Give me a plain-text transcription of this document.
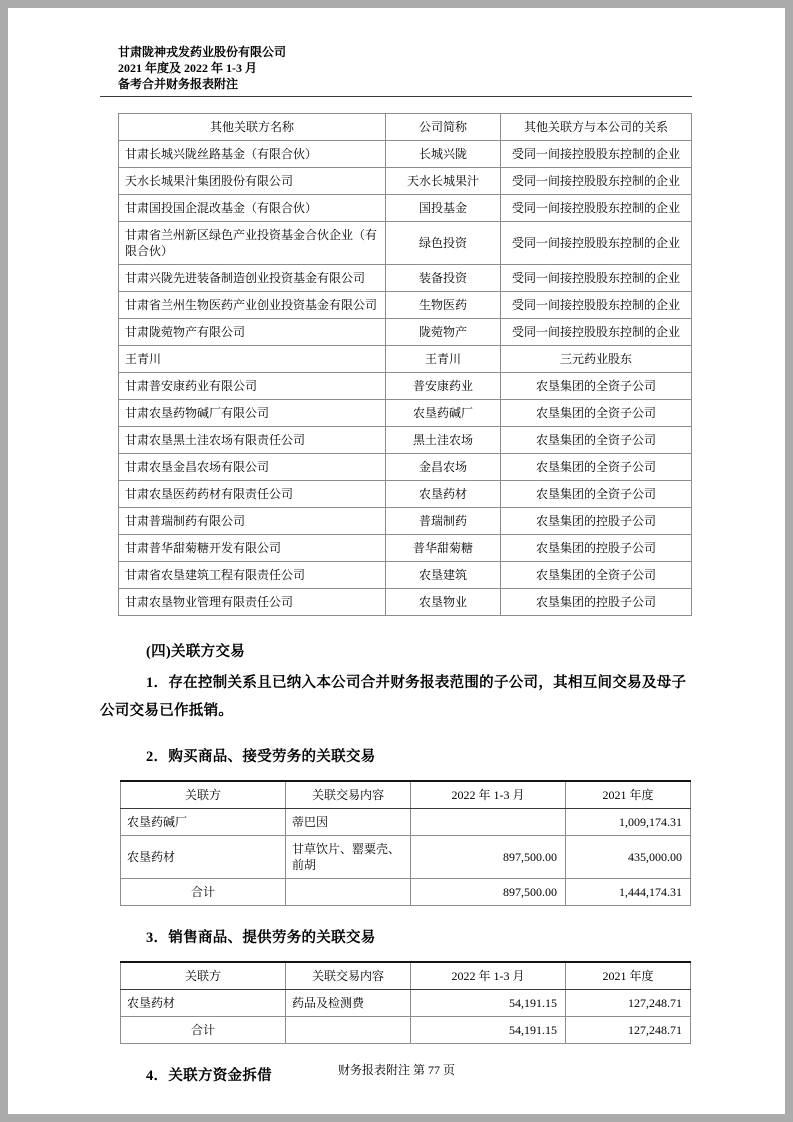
甘肃陇神戎发药业股份有限公司
2021 年度及 2022 年 1-3 月
备考合并财务报表附注
其他关联方名称	公司简称	其他关联方与本公司的关系
甘肃长城兴陇丝路基金（有限合伙）	长城兴陇	受同一间接控股股东控制的企业
天水长城果汁集团股份有限公司	天水长城果汁	受同一间接控股股东控制的企业
甘肃国投国企混改基金（有限合伙）	国投基金	受同一间接控股股东控制的企业
甘肃省兰州新区绿色产业投资基金合伙企业（有限合伙）	绿色投资	受同一间接控股股东控制的企业
甘肃兴陇先进装备制造创业投资基金有限公司	装备投资	受同一间接控股股东控制的企业
甘肃省兰州生物医药产业创业投资基金有限公司	生物医药	受同一间接控股股东控制的企业
甘肃陇菀物产有限公司	陇菀物产	受同一间接控股股东控制的企业
王青川	王青川	三元药业股东
甘肃普安康药业有限公司	普安康药业	农垦集团的全资子公司
甘肃农垦药物碱厂有限公司	农垦药碱厂	农垦集团的全资子公司
甘肃农垦黑土洼农场有限责任公司	黑土洼农场	农垦集团的全资子公司
甘肃农垦金昌农场有限公司	金昌农场	农垦集团的全资子公司
甘肃农垦医药药材有限责任公司	农垦药材	农垦集团的全资子公司
甘肃普瑞制药有限公司	普瑞制药	农垦集团的控股子公司
甘肃普华甜菊糖开发有限公司	普华甜菊糖	农垦集团的控股子公司
甘肃省农垦建筑工程有限责任公司	农垦建筑	农垦集团的全资子公司
甘肃农垦物业管理有限责任公司	农垦物业	农垦集团的控股子公司
(四)关联方交易
1．存在控制关系且已纳入本公司合并财务报表范围的子公司，其相互间交易及母子公司交易已作抵销。
2．购买商品、接受劳务的关联交易
关联方	关联交易内容	2022 年 1-3 月	2021 年度
农垦药碱厂	蒂巴因		1,009,174.31
农垦药材	甘草饮片、罂粟壳、前胡	897,500.00	435,000.00
合计		897,500.00	1,444,174.31
3．销售商品、提供劳务的关联交易
关联方	关联交易内容	2022 年 1-3 月	2021 年度
农垦药材	药品及检测费	54,191.15	127,248.71
合计		54,191.15	127,248.71
4．关联方资金拆借	财务报表附注 第 77 页
